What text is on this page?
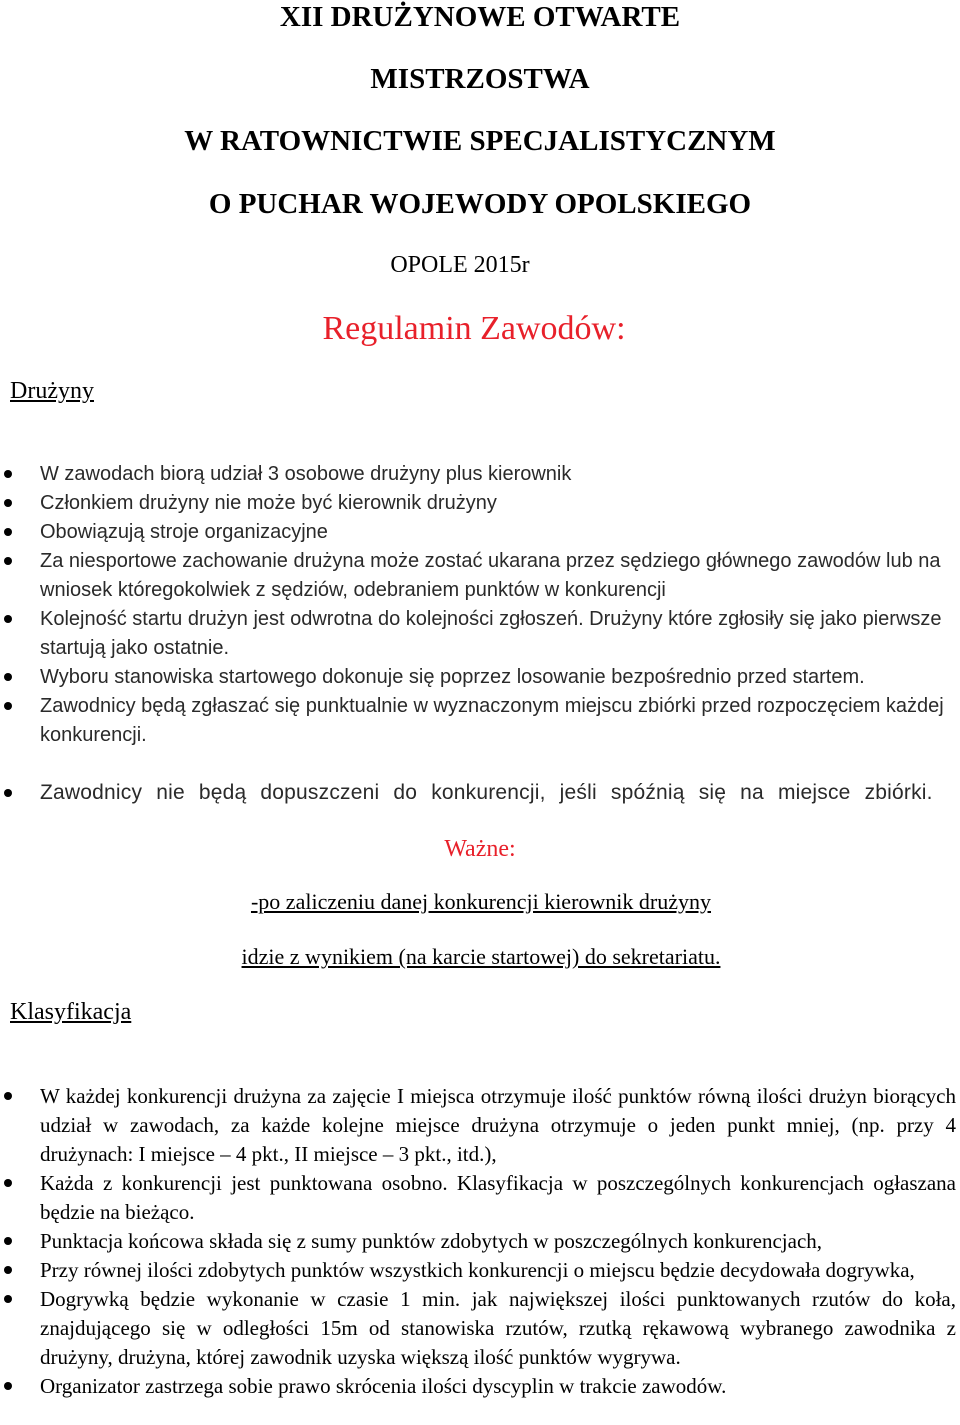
XII DRUŻYNOWE OTWARTE
MISTRZOSTWA
W RATOWNICTWIE SPECJALISTYCZNYM
O PUCHAR WOJEWODY OPOLSKIEGO
OPOLE 2015r
Regulamin Zawodów:
Drużyny
W zawodach biorą udział 3 osobowe drużyny plus kierownik
Członkiem drużyny nie może być kierownik drużyny
Obowiązują stroje organizacyjne
Za niesportowe zachowanie drużyna może zostać ukarana przez sędziego głównego zawodów lub na wniosek któregokolwiek z sędziów, odebraniem punktów w konkurencji
Kolejność startu drużyn jest odwrotna do kolejności zgłoszeń. Drużyny które zgłosiły się jako pierwsze startują jako ostatnie.
Wyboru stanowiska startowego dokonuje się poprzez losowanie bezpośrednio przed startem.
Zawodnicy będą zgłaszać się punktualnie w wyznaczonym miejscu zbiórki przed rozpoczęciem każdej konkurencji.
Zawodnicy nie będą dopuszczeni do konkurencji, jeśli spóźnią się na miejsce zbiórki.
Ważne:
-po zaliczeniu danej konkurencji kierownik drużyny
idzie z wynikiem (na karcie startowej) do sekretariatu.
Klasyfikacja
W każdej konkurencji drużyna za zajęcie I miejsca otrzymuje ilość punktów równą ilości drużyn biorących udział w zawodach, za każde kolejne miejsce drużyna otrzymuje o jeden punkt mniej, (np. przy 4 drużynach: I miejsce – 4 pkt., II miejsce – 3 pkt., itd.),
Każda z konkurencji jest punktowana osobno. Klasyfikacja w poszczególnych konkurencjach ogłaszana będzie na bieżąco.
Punktacja końcowa składa się z sumy punktów zdobytych w poszczególnych konkurencjach,
Przy równej ilości zdobytych punktów wszystkich konkurencji o miejscu będzie decydowała dogrywka,
Dogrywką będzie wykonanie w czasie 1 min. jak największej ilości punktowanych rzutów do koła, znajdującego się w odległości 15m od stanowiska rzutów, rzutką rękawową wybranego zawodnika z drużyny, drużyna, której zawodnik uzyska większą ilość punktów wygrywa.
Organizator zastrzega sobie prawo skrócenia ilości dyscyplin w trakcie zawodów.
